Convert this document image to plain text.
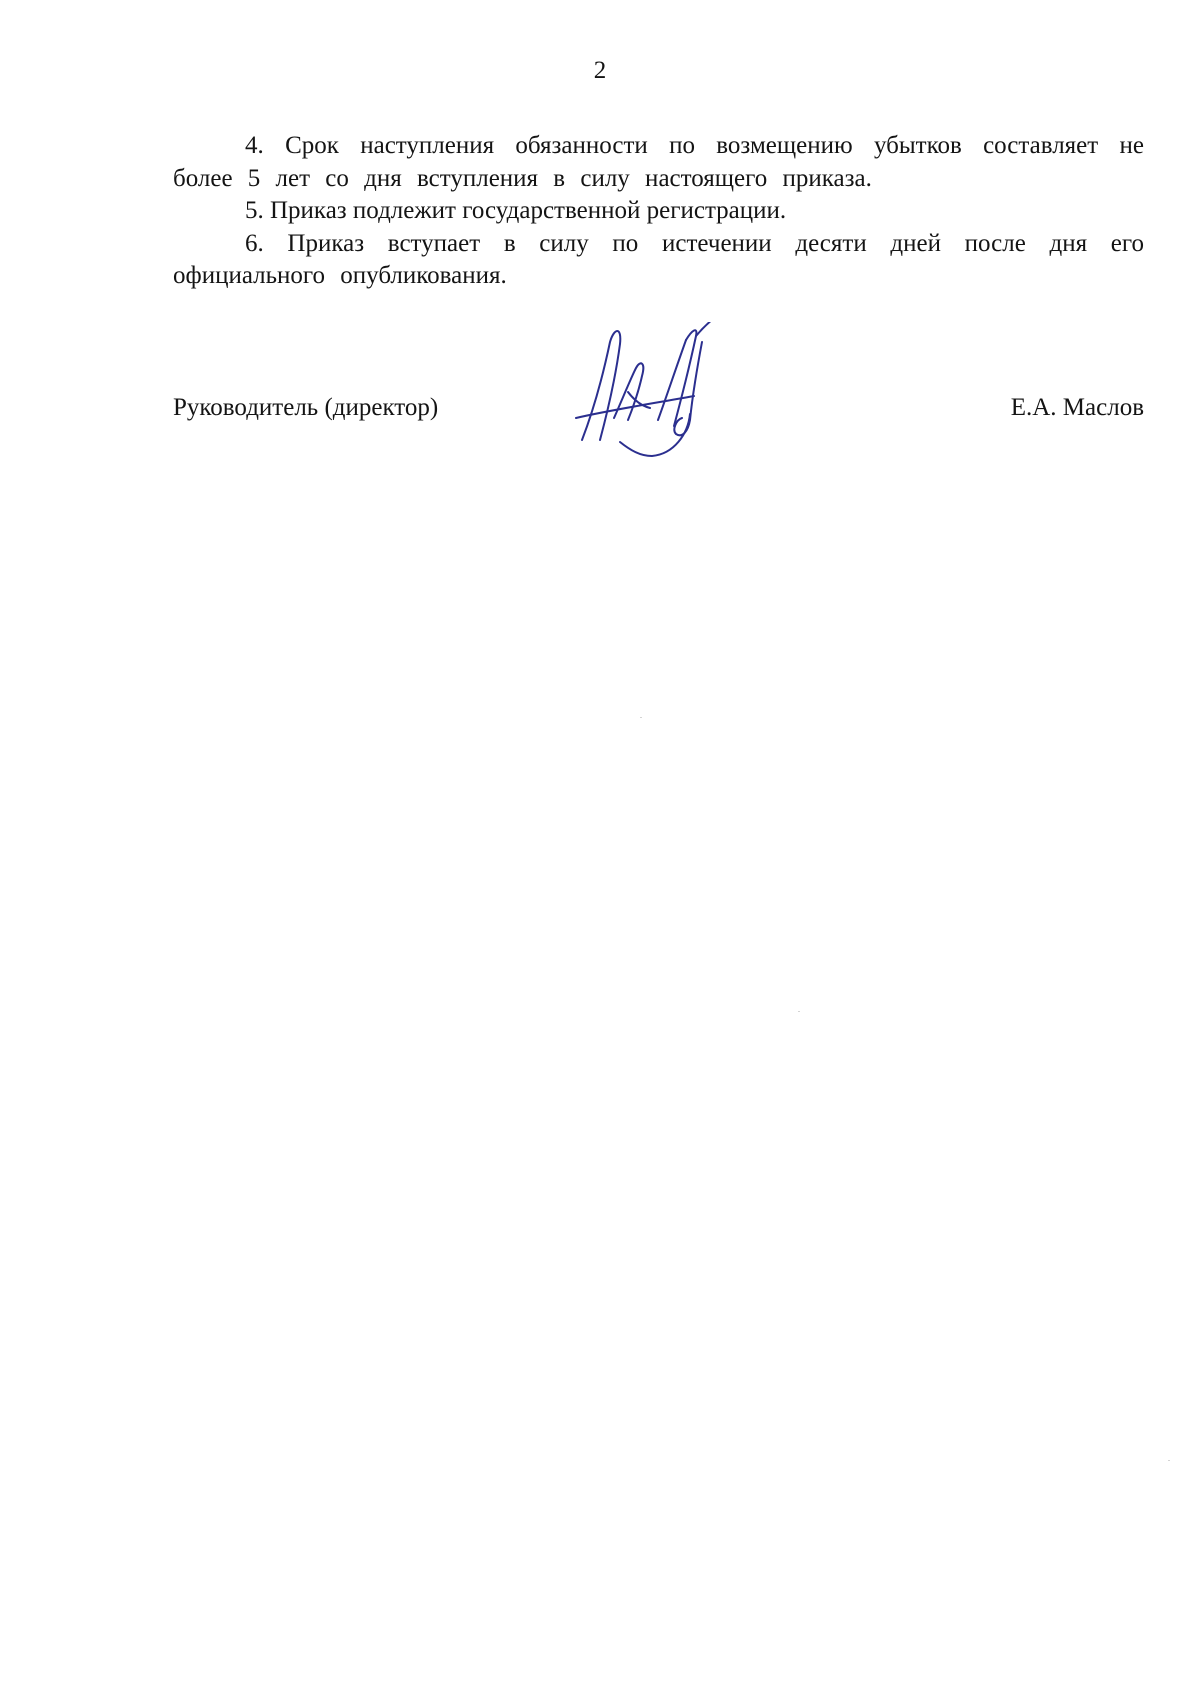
2

4. Срок наступления обязанности по возмещению убытков составляет не более 5 лет со дня вступления в силу настоящего приказа.

5. Приказ подлежит государственной регистрации.

6. Приказ вступает в силу по истечении десяти дней после дня его официального опубликования.

Руководитель (директор)	Е.А. Маслов
